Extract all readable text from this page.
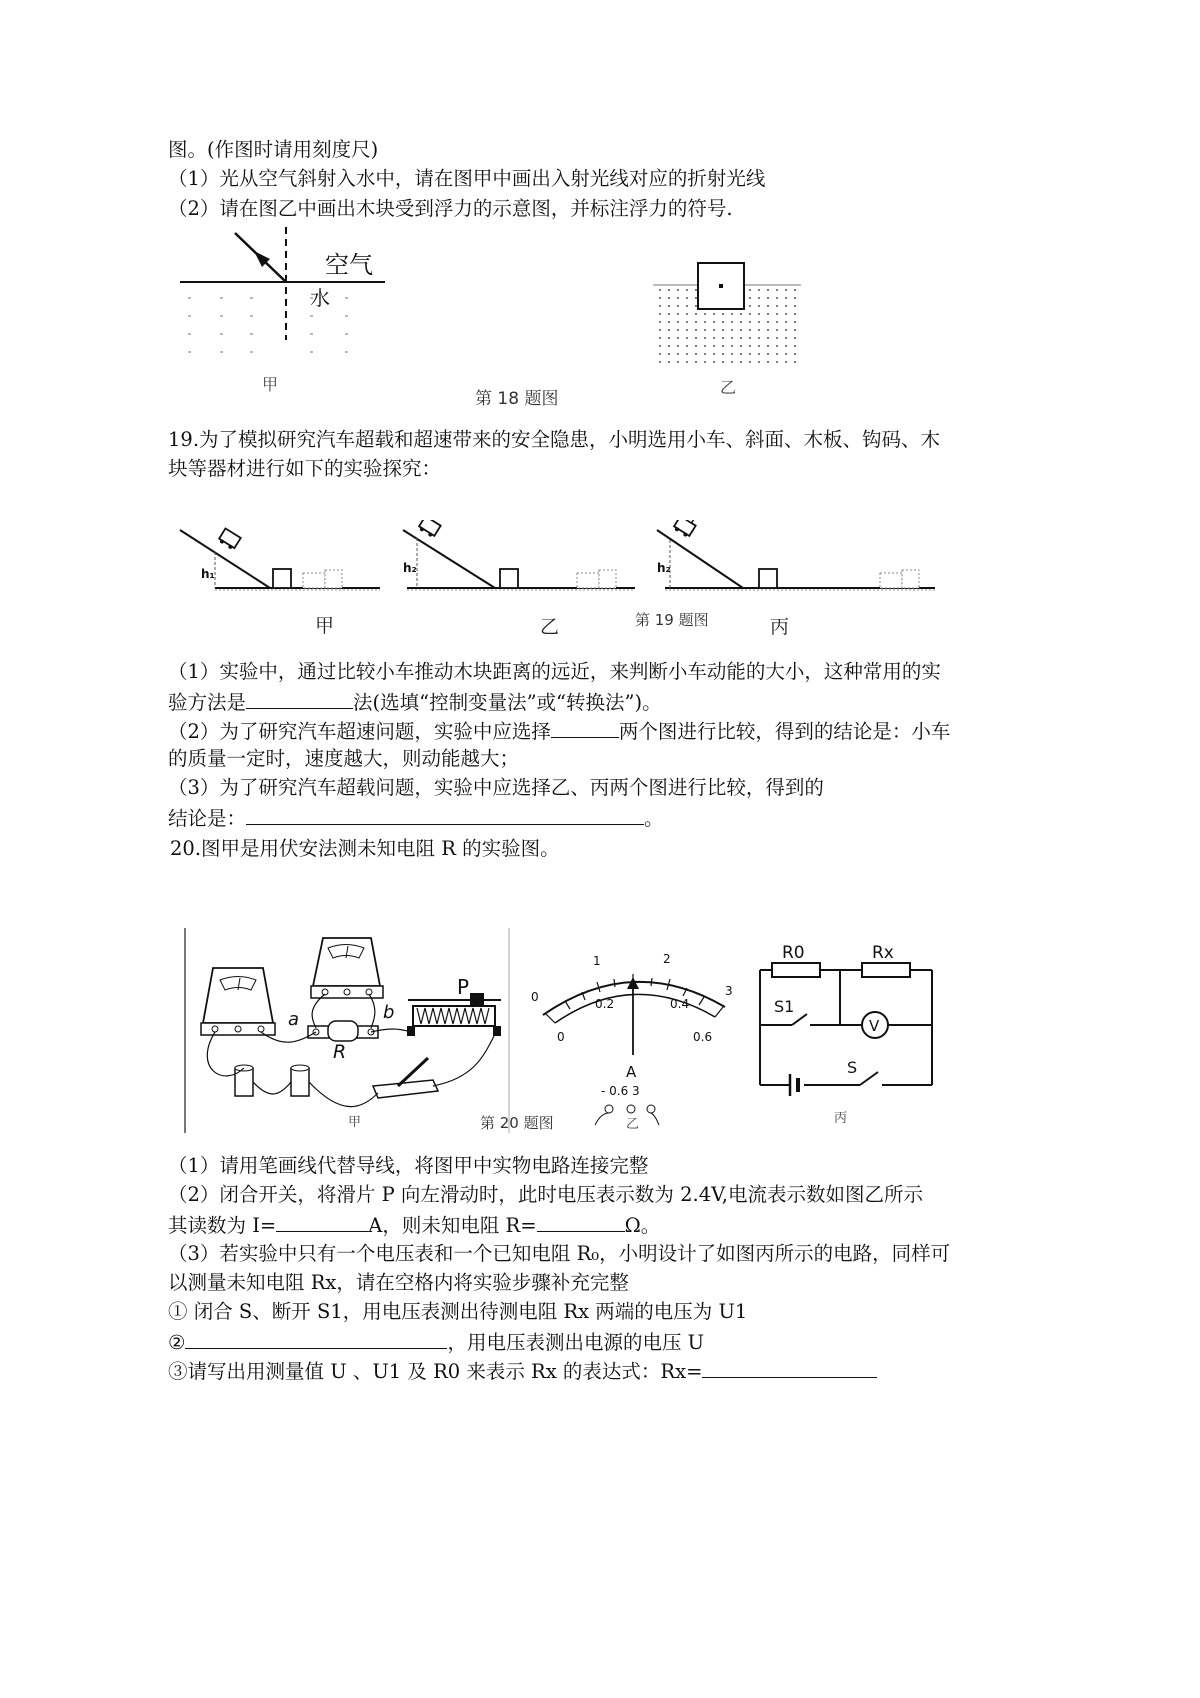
图。(作图时请用刻度尺)
（1）光从空气斜射入水中，请在图甲中画出入射光线对应的折射光线
（2）请在图乙中画出木块受到浮力的示意图，并标注浮力的符号.
空气
水
甲
第 18 题图
乙
19.为了模拟研究汽车超载和超速带来的安全隐患，小明选用小车、斜面、木板、钩码、木
块等器材进行如下的实验探究：
h₁	h₂	h₂
甲	乙	丙
第 19 题图
（1）实验中，通过比较小车推动木块距离的远近，来判断小车动能的大小，这种常用的实
验方法是	法(选填“控制变量法”或“转换法”)。
（2）为了研究汽车超速问题，实验中应选择	两个图进行比较，得到的结论是：小车
的质量一定时，速度越大，则动能越大；
（3）为了研究汽车超载问题，实验中应选择乙、丙两个图进行比较，得到的
结论是：	。
20.图甲是用伏安法测未知电阻 R 的实验图。
a	b
R
P
甲
0
1	2
3
0
0.2	0.4
0.6
A
- 0.6 3
乙
R0	Rx
S1
V
S
丙
第 20 题图
（1）请用笔画线代替导线，将图甲中实物电路连接完整
（2）闭合开关，将滑片 P 向左滑动时，此时电压表示数为 2.4V,电流表示数如图乙所示
其读数为 I=	A，则未知电阻 R=	Ω。
（3）若实验中只有一个电压表和一个已知电阻 R₀，小明设计了如图丙所示的电路，同样可
以测量未知电阻 Rx，请在空格内将实验步骤补充完整
① 闭合 S、断开 S1，用电压表测出待测电阻 Rx 两端的电压为 U1
②	，用电压表测出电源的电压 U
③请写出用测量值 U 、U1 及 R0 来表示 Rx 的表达式：Rx=
